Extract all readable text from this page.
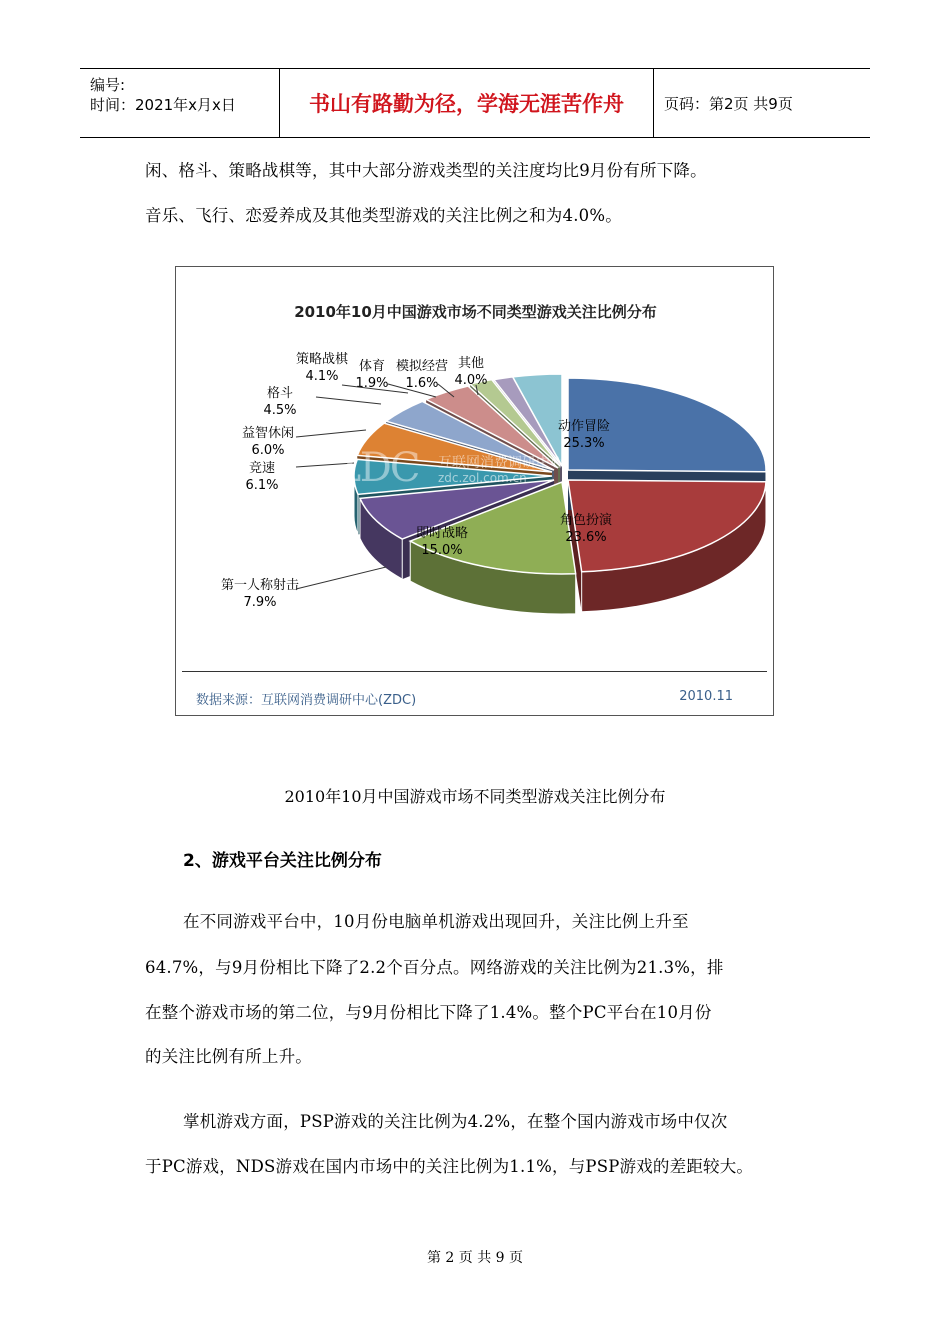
编号:
时间：2021年x月x日	书山有路勤为径，学海无涯苦作舟	页码：第2页 共9页
闲、格斗、策略战棋等，其中大部分游戏类型的关注度均比9月份有所下降。
音乐、飞行、恋爱养成及其他类型游戏的关注比例之和为4.0%。
2010年10月中国游戏市场不同类型游戏关注比例分布
动作冒险
25.3%
角色扮演
23.6%
即时战略
15.0%
第一人称射击
7.9%
竞速
6.1%
益智休闲
6.0%
格斗
4.5%
策略战棋
4.1%
体育
1.9%
模拟经营
1.6%
其他
4.0%
ZDC 互联网消费调研中心
zdc.zol.com.cn
数据来源：互联网消费调研中心(ZDC)	2010.11
2010年10月中国游戏市场不同类型游戏关注比例分布
2、游戏平台关注比例分布
在不同游戏平台中，10月份电脑单机游戏出现回升，关注比例上升至
64.7%，与9月份相比下降了2.2个百分点。网络游戏的关注比例为21.3%，排
在整个游戏市场的第二位，与9月份相比下降了1.4%。整个PC平台在10月份
的关注比例有所上升。
掌机游戏方面，PSP游戏的关注比例为4.2%，在整个国内游戏市场中仅次
于PC游戏，NDS游戏在国内市场中的关注比例为1.1%，与PSP游戏的差距较大。
第 2 页 共 9 页
